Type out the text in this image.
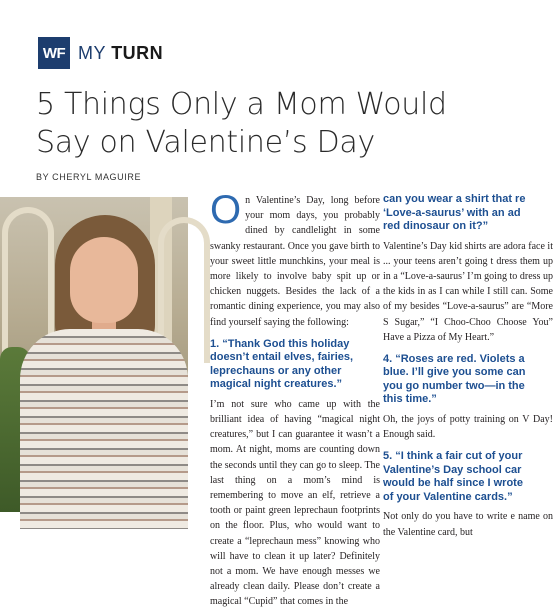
WF MY TURN
5 Things Only a Mom Would Say on Valentine’s Day
BY CHERYL MAGUIRE

On Valentine’s Day, long before your mom days, you probably dined by candlelight in some swanky restaurant. Once you gave birth to your sweet little munchkins, your meal is more likely to involve baby spit up or chicken nuggets. Besides the lack of a romantic dining experience, you may also find yourself saying the following:

1. “Thank God this holiday doesn’t entail elves, fairies, leprechauns or any other magical night creatures.”

I’m not sure who came up with the brilliant idea of having “magical night creatures,” but I can guarantee it wasn’t a mom. At night, moms are counting down the seconds until they can go to sleep. The last thing on a mom’s mind is remembering to move an elf, retrieve a tooth or paint green leprechaun footprints on the floor. Plus, who would want to create a “leprechaun mess” knowing who will have to clean it up later? Definitely not a mom. We have enough messes we already clean daily. Please don’t create a magical “Cupid” that comes in the

can you wear a shirt that re
‘Love-a-saurus’ with an ad
red dinosaur on it?”

Valentine’s Day kid shirts are adora face it ... your teens aren’t going t dress them up in a “Love-a-saurus’ I’m going to dress up the kids in as I can while I still can. Some of my besides “Love-a-saurus” are “More S Sugar,” “I Choo-Choo Choose You” Have a Pizza of My Heart.”

4. “Roses are red. Violets a
blue. I’ll give you some can
you go number two—in the
this time.”

Oh, the joys of potty training on V Day! Enough said.

5. “I think a fair cut of your
Valentine’s Day school car
would be half since I wrote
of your Valentine cards.”

Not only do you have to write e name on the Valentine card, but
